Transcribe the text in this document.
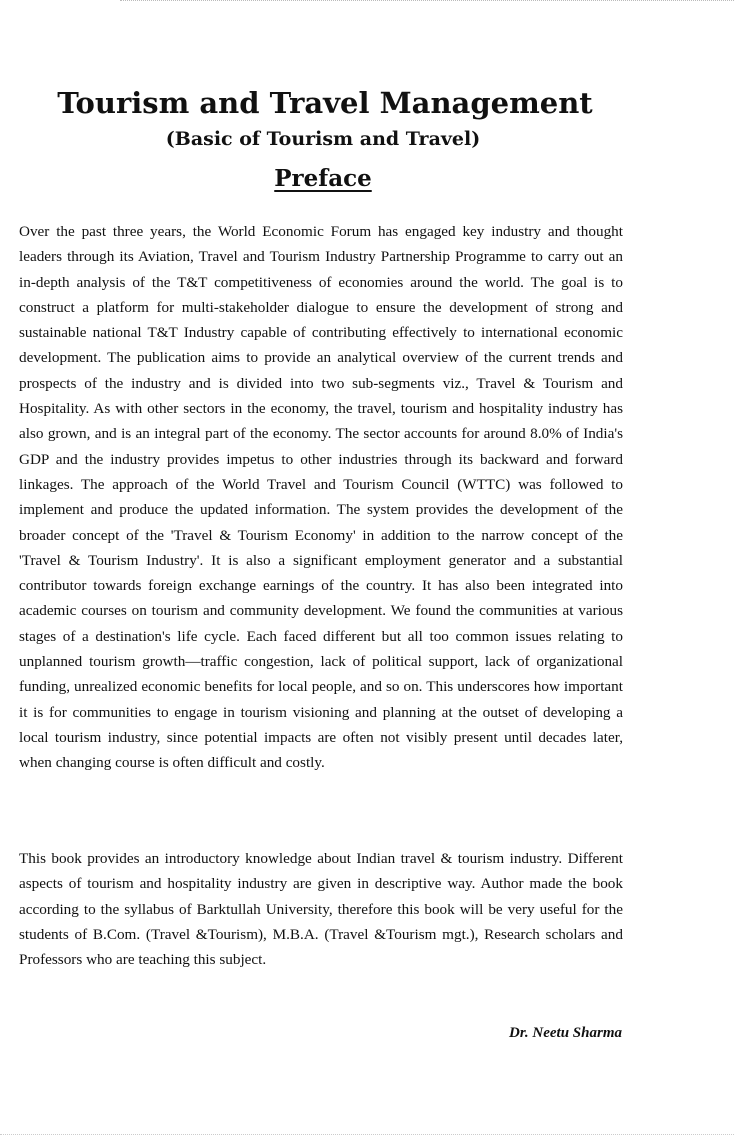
Tourism and Travel Management
(Basic of Tourism and Travel)
Preface

Over the past three years, the World Economic Forum has engaged key industry and thought leaders through its Aviation, Travel and Tourism Industry Partnership Programme to carry out an in-depth analysis of the T&T competitiveness of economies around the world. The goal is to construct a platform for multi-stakeholder dialogue to ensure the development of strong and sustainable national T&T Industry capable of contributing effectively to international economic development. The publication aims to provide an analytical overview of the current trends and prospects of the industry and is divided into two sub-segments viz., Travel & Tourism and Hospitality. As with other sectors in the economy, the travel, tourism and hospitality industry has also grown, and is an integral part of the economy. The sector accounts for around 8.0% of India's GDP and the industry provides impetus to other industries through its backward and forward linkages. The approach of the World Travel and Tourism Council (WTTC) was followed to implement and produce the updated information. The system provides the development of the broader concept of the 'Travel & Tourism Economy' in addition to the narrow concept of the 'Travel & Tourism Industry'. It is also a significant employment generator and a substantial contributor towards foreign exchange earnings of the country. It has also been integrated into academic courses on tourism and community development. We found the communities at various stages of a destination's life cycle. Each faced different but all too common issues relating to unplanned tourism growth—traffic congestion, lack of political support, lack of organizational funding, unrealized economic benefits for local people, and so on. This underscores how important it is for communities to engage in tourism visioning and planning at the outset of developing a local tourism industry, since potential impacts are often not visibly present until decades later, when changing course is often difficult and costly.

This book provides an introductory knowledge about Indian travel & tourism industry. Different aspects of tourism and hospitality industry are given in descriptive way. Author made the book according to the syllabus of Barktullah University, therefore this book will be very useful for the students of B.Com. (Travel &Tourism), M.B.A. (Travel &Tourism mgt.), Research scholars and Professors who are teaching this subject.

Dr. Neetu Sharma
